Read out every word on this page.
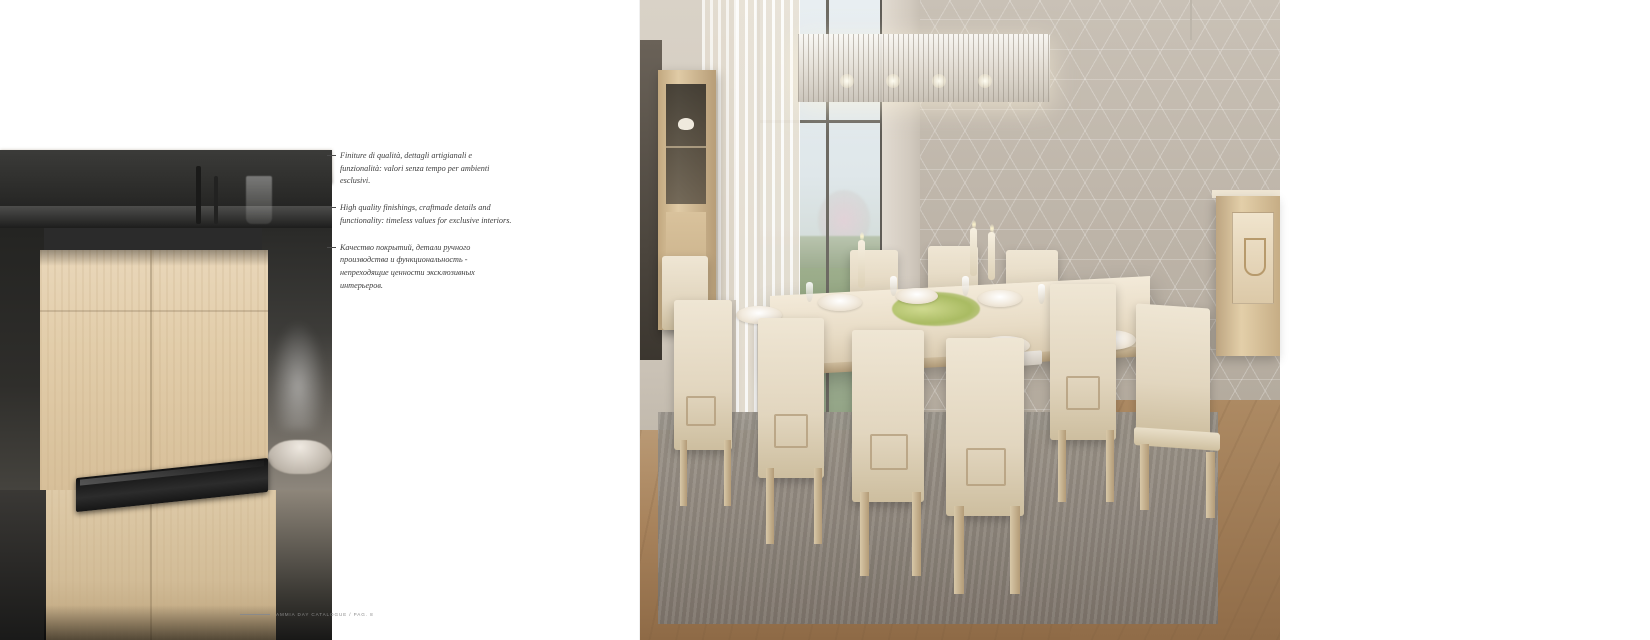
Finiture di qualità, dettagli artigianali e funzionalità: valori senza tempo per ambienti esclusivi.
High quality finishings, craftmade details and functionality: timeless values for exclusive interiors.
Качество покрытий, детали ручного производства и функциональность - непреходящие ценности эксклюзивных интерьеров.
AMMIA DAY CATALOGUE / PAG. 8	AMMIA DAY / COLLECTION
